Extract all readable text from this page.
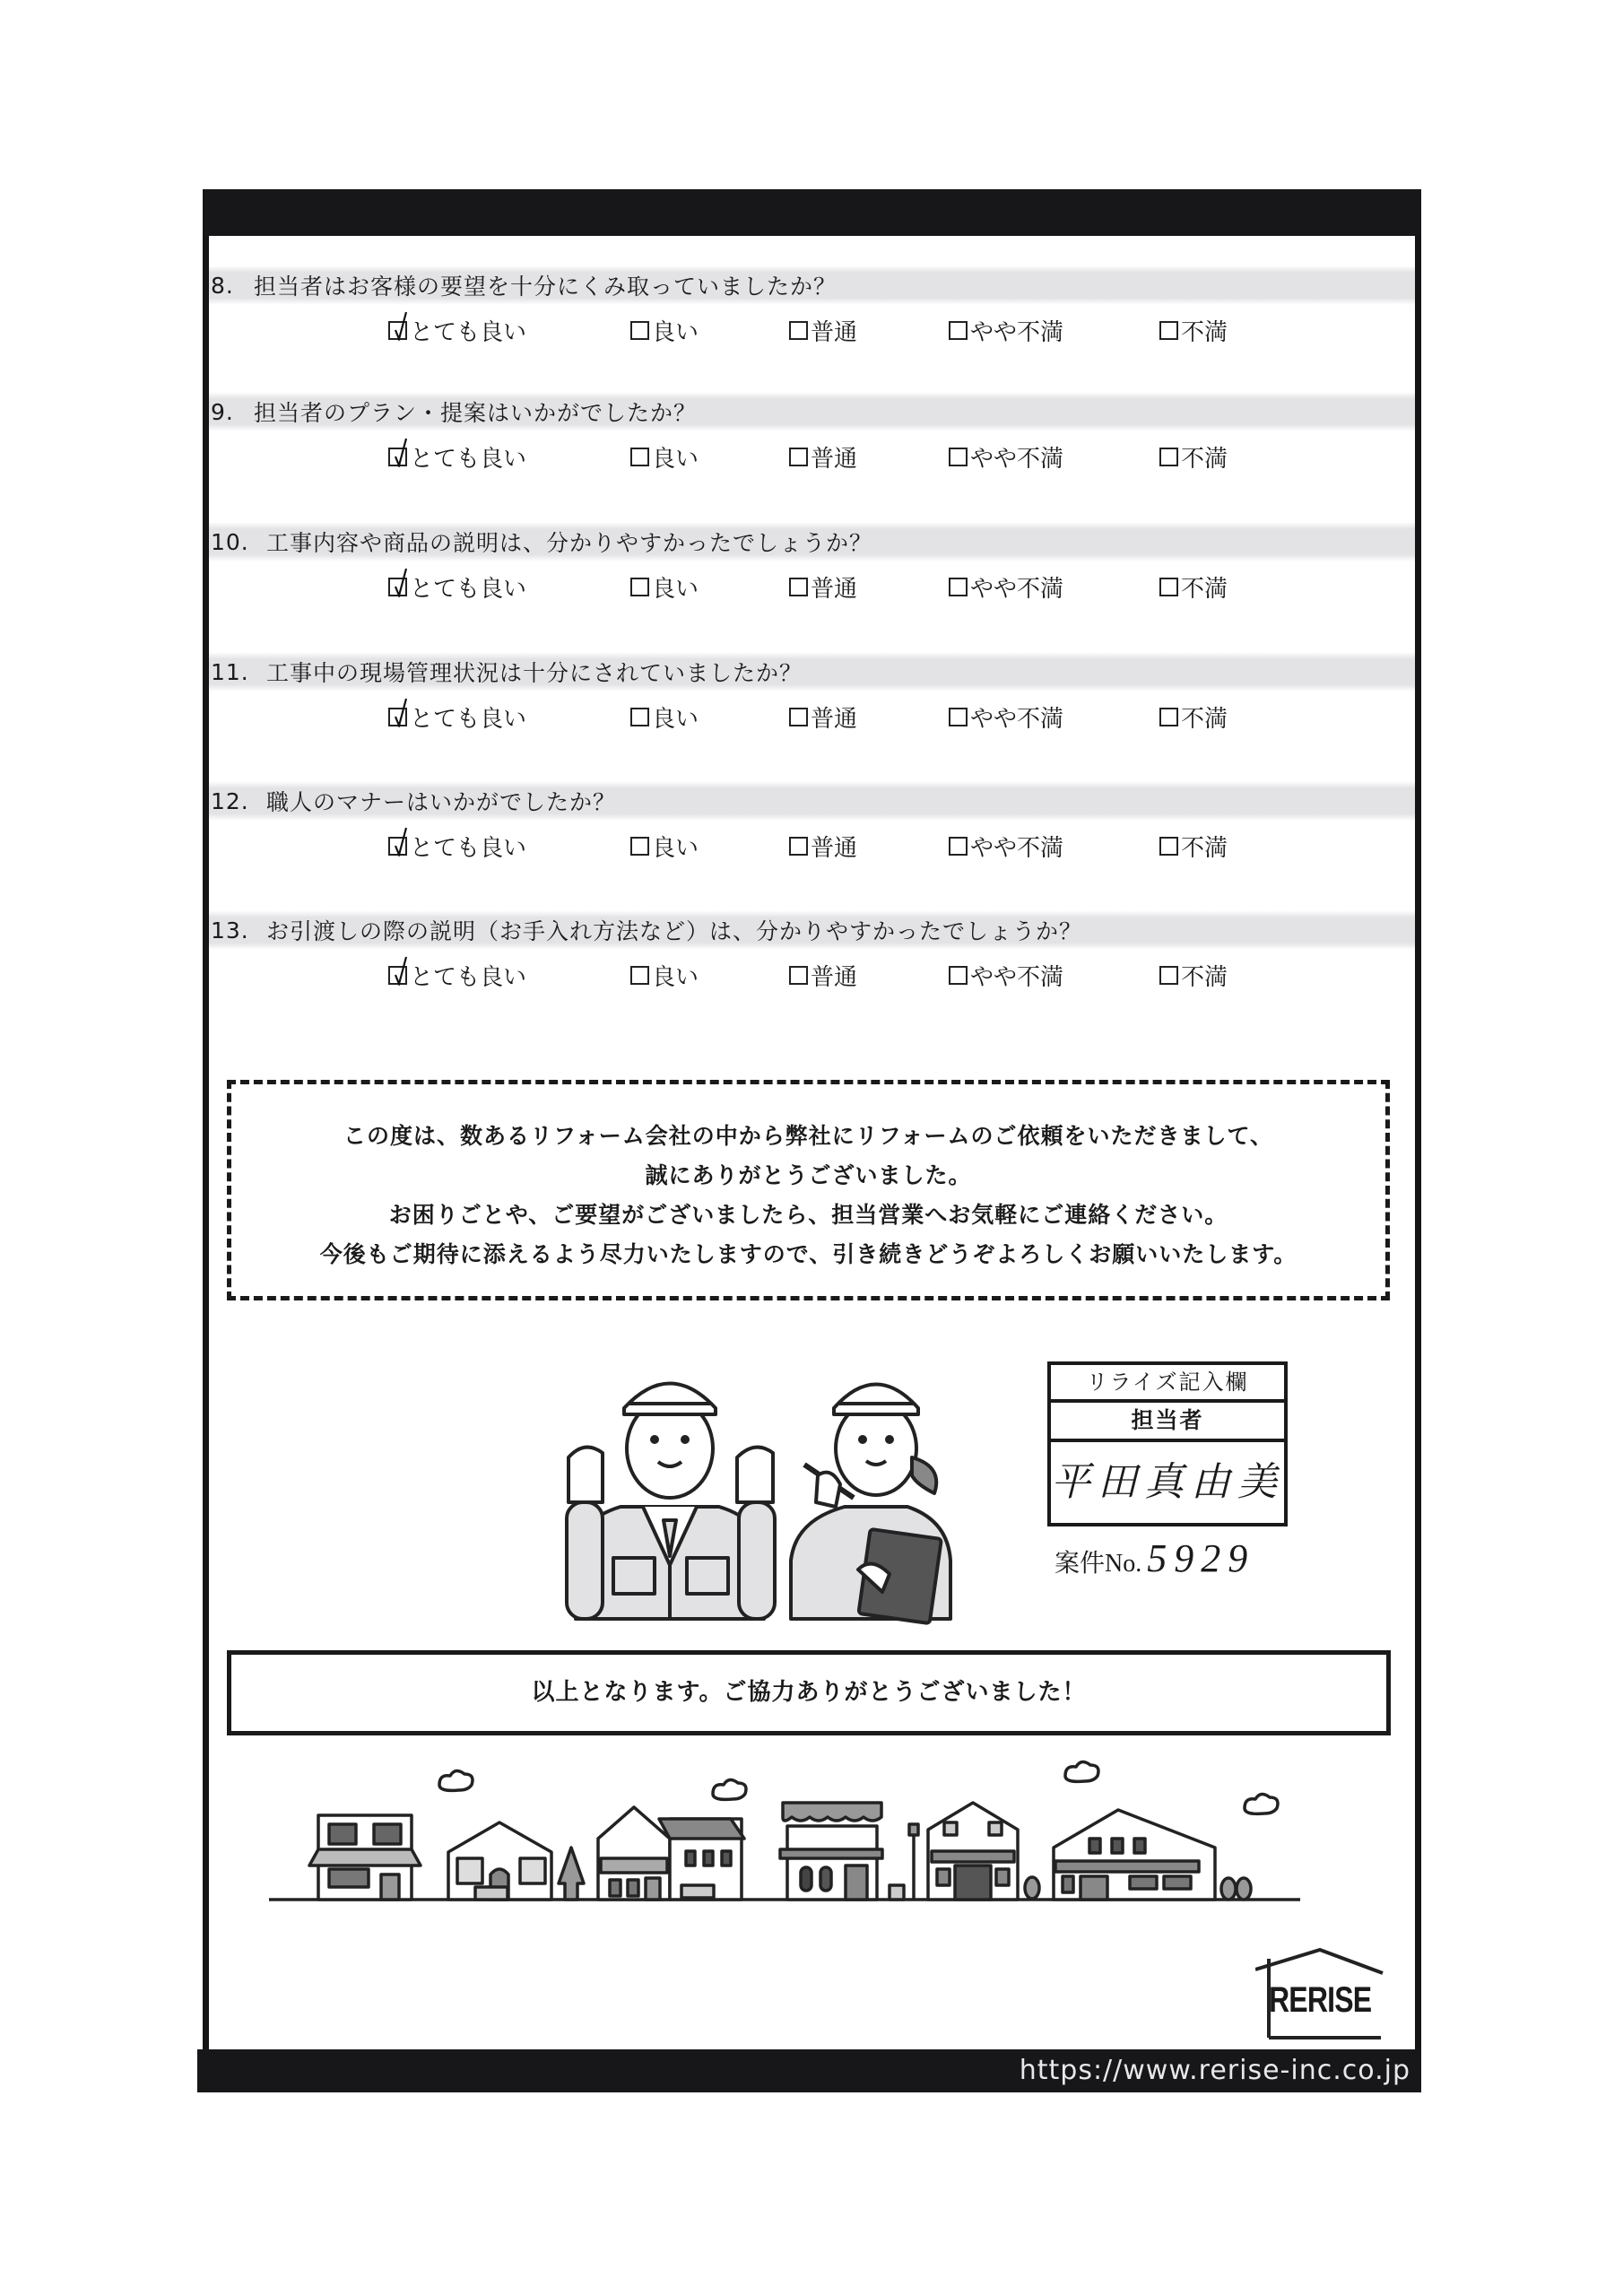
8. 担当者はお客様の要望を十分にくみ取っていましたか？
とても良い	良い	普通	やや不満	不満
9. 担当者のプラン・提案はいかがでしたか？
とても良い	良い	普通	やや不満	不満
10. 工事内容や商品の説明は、分かりやすかったでしょうか？
とても良い	良い	普通	やや不満	不満
11. 工事中の現場管理状況は十分にされていましたか？
とても良い	良い	普通	やや不満	不満
12. 職人のマナーはいかがでしたか？
とても良い	良い	普通	やや不満	不満
13. お引渡しの際の説明（お手入れ方法など）は、分かりやすかったでしょうか？
とても良い	良い	普通	やや不満	不満

この度は、数あるリフォーム会社の中から弊社にリフォームのご依頼をいただきまして、

誠にありがとうございました。

お困りごとや、ご要望がございましたら、担当営業へお気軽にご連絡ください。

今後もご期待に添えるよう尽力いたしますので、引き続きどうぞよろしくお願いいたします。

リライズ記入欄
担当者
平田真由美
案件No. 5929
以上となります。ご協力ありがとうございました！
RERISE
https://www.rerise-inc.co.jp
